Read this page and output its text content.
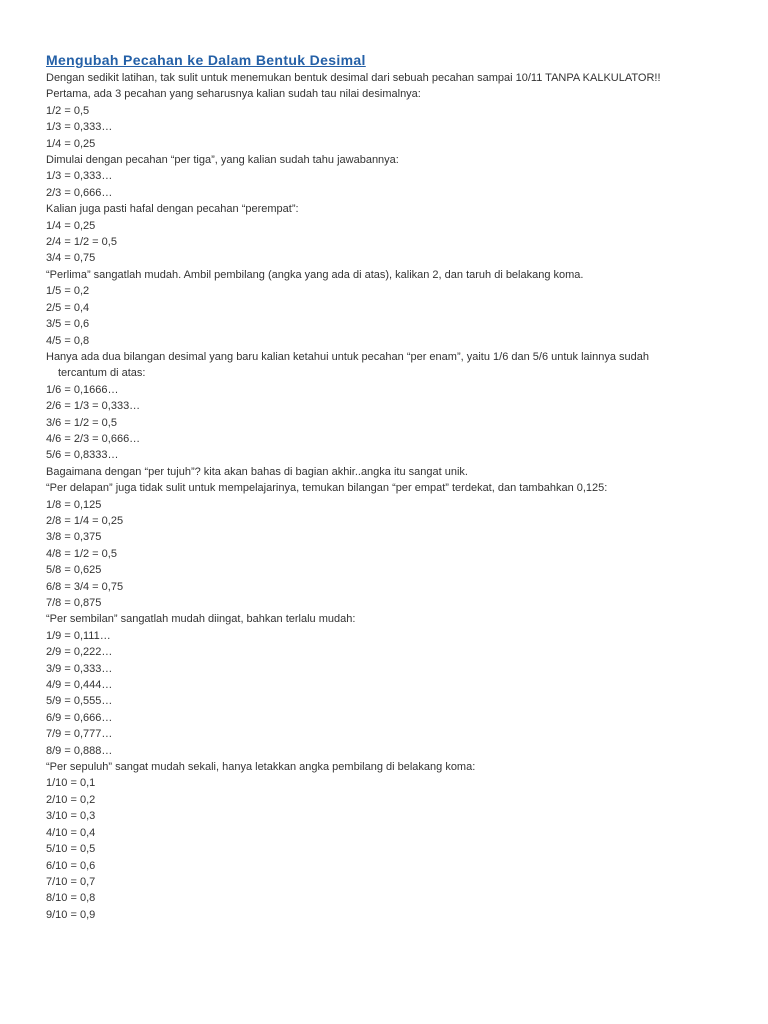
Mengubah Pecahan ke Dalam Bentuk Desimal
Dengan sedikit latihan, tak sulit untuk menemukan bentuk desimal dari sebuah pecahan sampai 10/11 TANPA KALKULATOR!!
Pertama, ada 3 pecahan yang seharusnya kalian sudah tau nilai desimalnya:
1/2 = 0,5
1/3 = 0,333…
1/4 = 0,25
Dimulai dengan pecahan “per tiga”, yang kalian sudah tahu jawabannya:
1/3 = 0,333…
2/3 = 0,666…
Kalian juga pasti hafal dengan pecahan “perempat”:
1/4 = 0,25
2/4 = 1/2 = 0,5
3/4 = 0,75
“Perlima” sangatlah mudah. Ambil pembilang (angka yang ada di atas), kalikan 2, dan taruh di belakang koma.
1/5 = 0,2
2/5 = 0,4
3/5 = 0,6
4/5 = 0,8
Hanya ada dua bilangan desimal yang baru kalian ketahui untuk pecahan “per enam”, yaitu 1/6 dan 5/6 untuk lainnya sudah
tercantum di atas:
1/6 = 0,1666…
2/6 = 1/3 = 0,333…
3/6 = 1/2 = 0,5
4/6 = 2/3 = 0,666…
5/6 = 0,8333…
Bagaimana dengan “per tujuh”? kita akan bahas di bagian akhir..angka itu sangat unik.
“Per delapan” juga tidak sulit untuk mempelajarinya, temukan bilangan “per empat” terdekat, dan tambahkan 0,125:
1/8 = 0,125
2/8 = 1/4 = 0,25
3/8 = 0,375
4/8 = 1/2 = 0,5
5/8 = 0,625
6/8 = 3/4 = 0,75
7/8 = 0,875
“Per sembilan” sangatlah mudah diingat, bahkan terlalu mudah:
1/9 = 0,111…
2/9 = 0,222…
3/9 = 0,333…
4/9 = 0,444…
5/9 = 0,555…
6/9 = 0,666…
7/9 = 0,777…
8/9 = 0,888…
“Per sepuluh” sangat mudah sekali, hanya letakkan angka pembilang di belakang koma:
1/10 = 0,1
2/10 = 0,2
3/10 = 0,3
4/10 = 0,4
5/10 = 0,5
6/10 = 0,6
7/10 = 0,7
8/10 = 0,8
9/10 = 0,9
